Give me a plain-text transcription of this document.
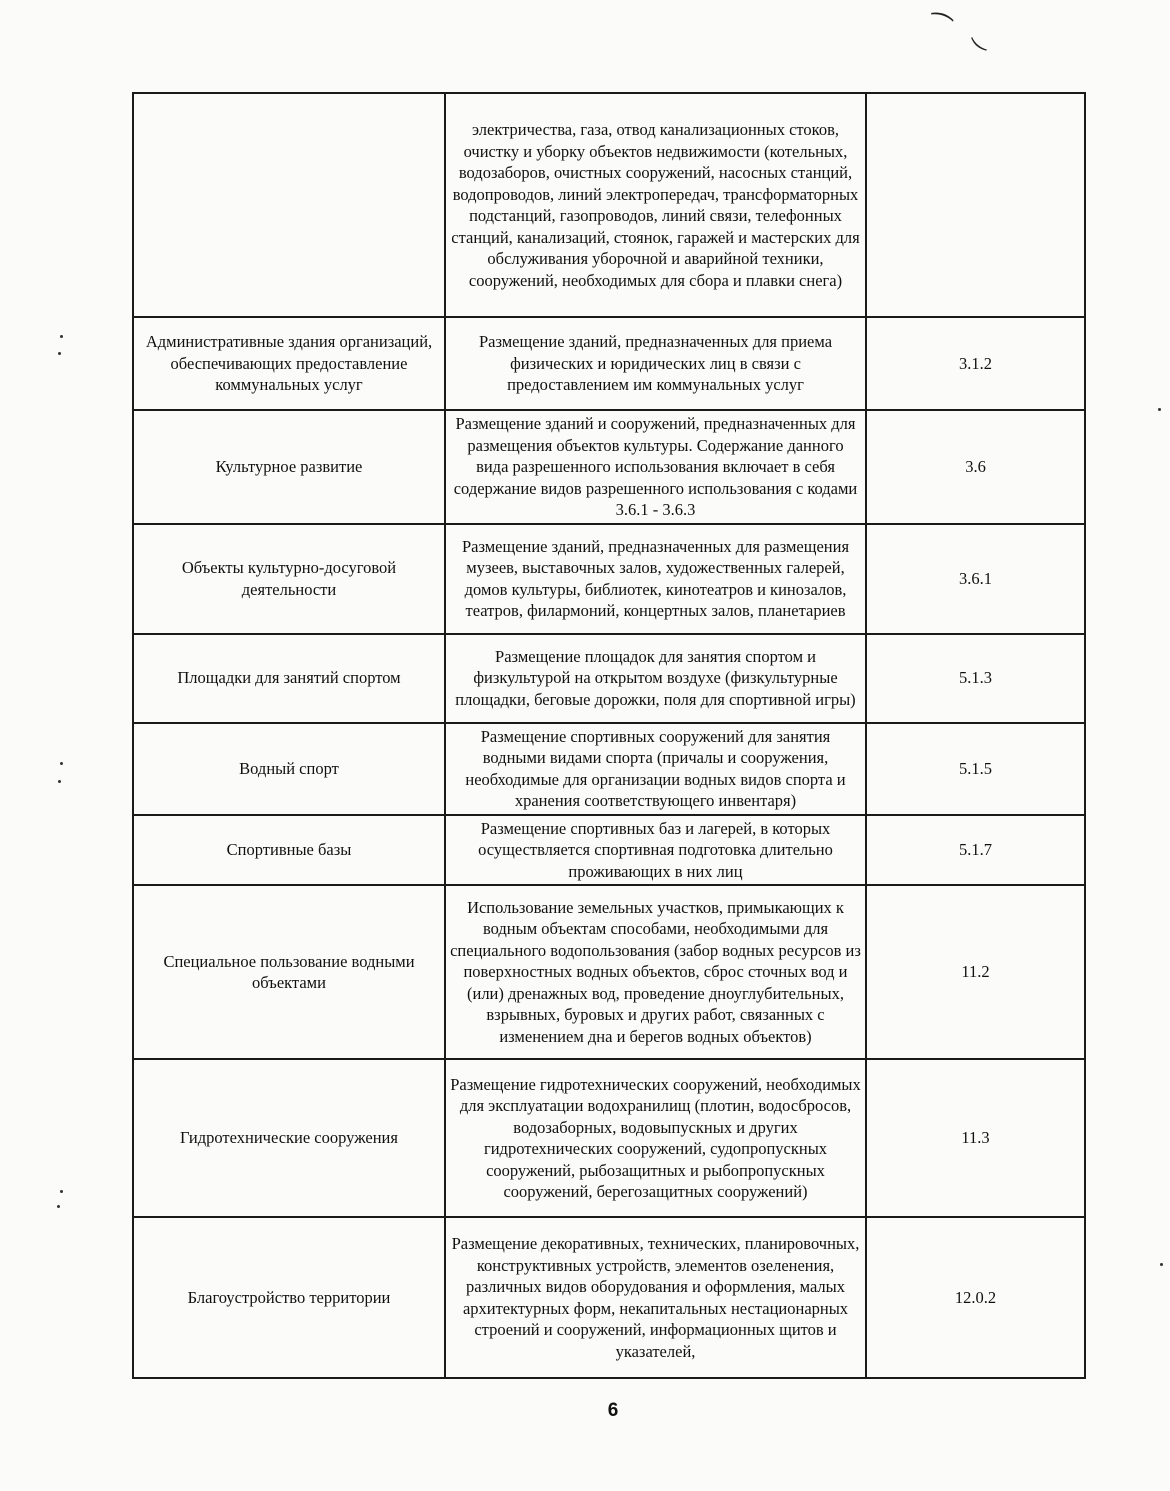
⁀ ‿
	электричества, газа, отвод канализационных стоков, очистку и уборку объектов недвижимости (котельных, водозаборов, очистных сооружений, насосных станций, водопроводов, линий электропередач, трансформаторных подстанций, газопроводов, линий связи, телефонных станций, канализаций, стоянок, гаражей и мастерских для обслуживания уборочной и аварийной техники, сооружений, необходимых для сбора и плавки снега)	
Административные здания организаций, обеспечивающих предоставление коммунальных услуг	Размещение зданий, предназначенных для приема физических и юридических лиц в связи с предоставлением им коммунальных услуг	3.1.2
Культурное развитие	Размещение зданий и сооружений, предназначенных для размещения объектов культуры. Содержание данного вида разрешенного использования включает в себя содержание видов разрешенного использования с кодами 3.6.1 - 3.6.3	3.6
Объекты культурно-досуговой деятельности	Размещение зданий, предназначенных для размещения музеев, выставочных залов, художественных галерей, домов культуры, библиотек, кинотеатров и кинозалов, театров, филармоний, концертных залов, планетариев	3.6.1
Площадки для занятий спортом	Размещение площадок для занятия спортом и физкультурой на открытом воздухе (физкультурные площадки, беговые дорожки, поля для спортивной игры)	5.1.3
Водный спорт	Размещение спортивных сооружений для занятия водными видами спорта (причалы и сооружения, необходимые для организации водных видов спорта и хранения соответствующего инвентаря)	5.1.5
Спортивные базы	Размещение спортивных баз и лагерей, в которых осуществляется спортивная подготовка длительно проживающих в них лиц	5.1.7
Специальное пользование водными объектами	Использование земельных участков, примыкающих к водным объектам способами, необходимыми для специального водопользования (забор водных ресурсов из поверхностных водных объектов, сброс сточных вод и (или) дренажных вод, проведение дноуглубительных, взрывных, буровых и других работ, связанных с изменением дна и берегов водных объектов)	11.2
Гидротехнические сооружения	Размещение гидротехнических сооружений, необходимых для эксплуатации водохранилищ (плотин, водосбросов, водозаборных, водовыпускных и других гидротехнических сооружений, судопропускных сооружений, рыбозащитных и рыбопропускных сооружений, берегозащитных сооружений)	11.3
Благоустройство территории	Размещение декоративных, технических, планировочных, конструктивных устройств, элементов озеленения, различных видов оборудования и оформления, малых архитектурных форм, некапитальных нестационарных строений и сооружений, информационных щитов и указателей,	12.0.2
6
